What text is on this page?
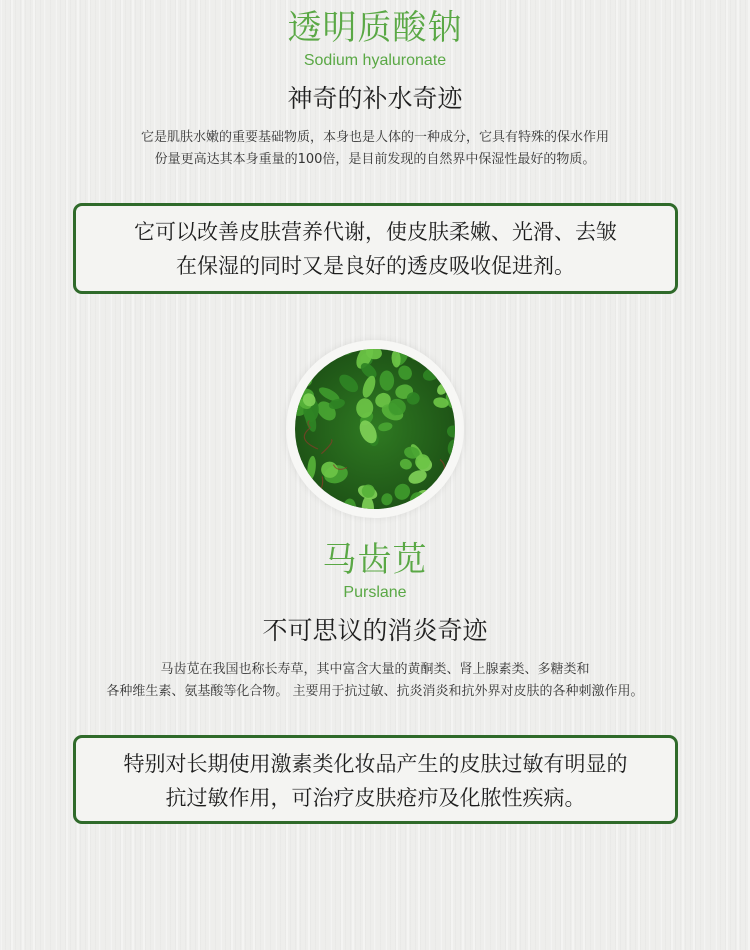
透明质酸钠
Sodium hyaluronate
神奇的补水奇迹
它是肌肤水嫩的重要基础物质，本身也是人体的一种成分，它具有特殊的保水作用
份量更高达其本身重量的100倍，是目前发现的自然界中保湿性最好的物质。
它可以改善皮肤营养代谢，使皮肤柔嫩、光滑、去皱
在保湿的同时又是良好的透皮吸收促进剂。
马齿苋
Purslane
不可思议的消炎奇迹
马齿苋在我国也称长寿草，其中富含大量的黄酮类、肾上腺素类、多糖类和
各种维生素、氨基酸等化合物。 主要用于抗过敏、抗炎消炎和抗外界对皮肤的各种刺激作用。
特别对长期使用激素类化妆品产生的皮肤过敏有明显的
抗过敏作用，可治疗皮肤疮疖及化脓性疾病。
